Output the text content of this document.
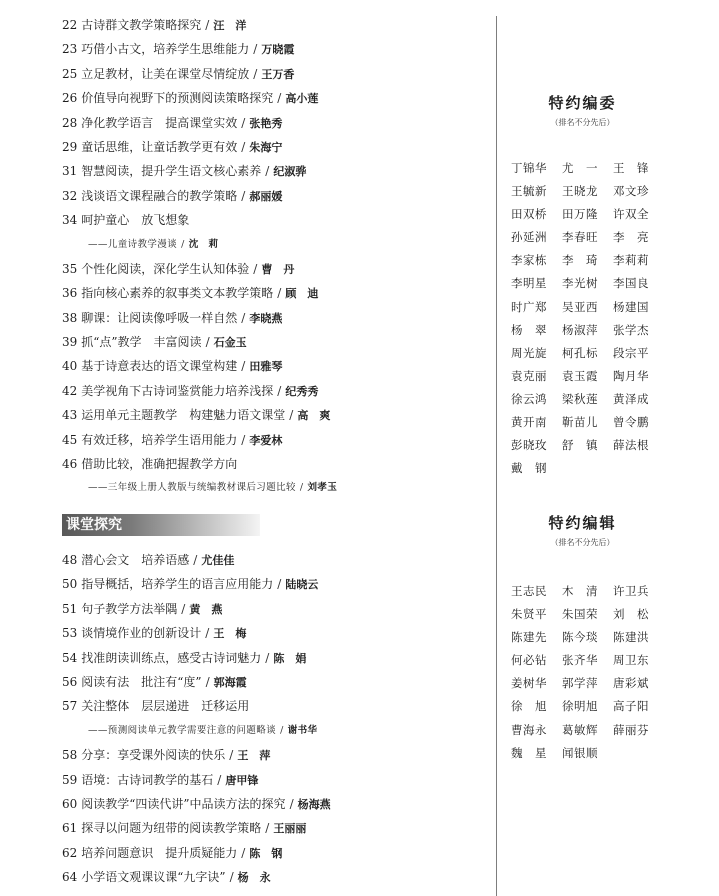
22 古诗群文教学策略探究 / 汪　洋
23 巧借小古文，培养学生思维能力 / 万晓霞
25 立足教材，让美在课堂尽情绽放 / 王万香
26 价值导向视野下的预测阅读策略探究 / 高小莲
28 净化教学语言　提高课堂实效 / 张艳秀
29 童话思维，让童话教学更有效 / 朱海宁
31 智慧阅读，提升学生语文核心素养 / 纪淑骅
32 浅谈语文课程融合的教学策略 / 郝丽媛
34 呵护童心　放飞想象
——儿童诗教学漫谈 / 沈　莉
35 个性化阅读，深化学生认知体验 / 曹　丹
36 指向核心素养的叙事类文本教学策略 / 顾　迪
38 聊课：让阅读像呼吸一样自然 / 李晓燕
39 抓“点”教学　丰富阅读 / 石金玉
40 基于诗意表达的语文课堂构建 / 田雅琴
42 美学视角下古诗词鉴赏能力培养浅探 / 纪秀秀
43 运用单元主题教学　构建魅力语文课堂 / 高　爽
45 有效迁移，培养学生语用能力 / 李爱林
46 借助比较，准确把握教学方向
——三年级上册人教版与统编教材课后习题比较 / 刘孝玉
课堂探究
48 潜心会文　培养语感 / 尤佳佳
50 指导概括，培养学生的语言应用能力 / 陆晓云
51 句子教学方法举隅 / 黄　燕
53 谈情境作业的创新设计 / 王　梅
54 找准朗读训练点，感受古诗词魅力 / 陈　娟
56 阅读有法　批注有“度” / 郭海霞
57 关注整体　层层递进　迁移运用
——预测阅读单元教学需要注意的问题略谈 / 谢书华
58 分享：享受课外阅读的快乐 / 王　萍
59 语境：古诗词教学的基石 / 唐甲锋
60 阅读教学“四读代讲”中品读方法的探究 / 杨海燕
61 探寻以问题为纽带的阅读教学策略 / 王丽丽
62 培养问题意识　提升质疑能力 / 陈　钢
64 小学语文观课议课“九字诀” / 杨　永
特约编委
（排名不分先后）
丁锦华	尤　一	王　锋
王毓新	王晓龙	邓文珍
田双桥	田万隆	许双全
孙延洲	李春旺	李　亮
李家栋	李　琦	李莉莉
李明星	李光树	李国良
时广郑	吴亚西	杨建国
杨　翠	杨淑萍	张学杰
周光旋	柯孔标	段宗平
袁克丽	袁玉霞	陶月华
徐云鸿	梁秋莲	黄泽成
黄开南	靳苗儿	曾令鹏
彭晓玫	舒　镇	薛法根
戴　钢
特约编辑
（排名不分先后）
王志民	木　清	许卫兵
朱贤平	朱国荣	刘　松
陈建先	陈今琰	陈建洪
何必钻	张齐华	周卫东
姜树华	郭学萍	唐彩斌
徐　旭	徐明旭	高子阳
曹海永	葛敏辉	薛丽芬
魏　星	闻银顺
